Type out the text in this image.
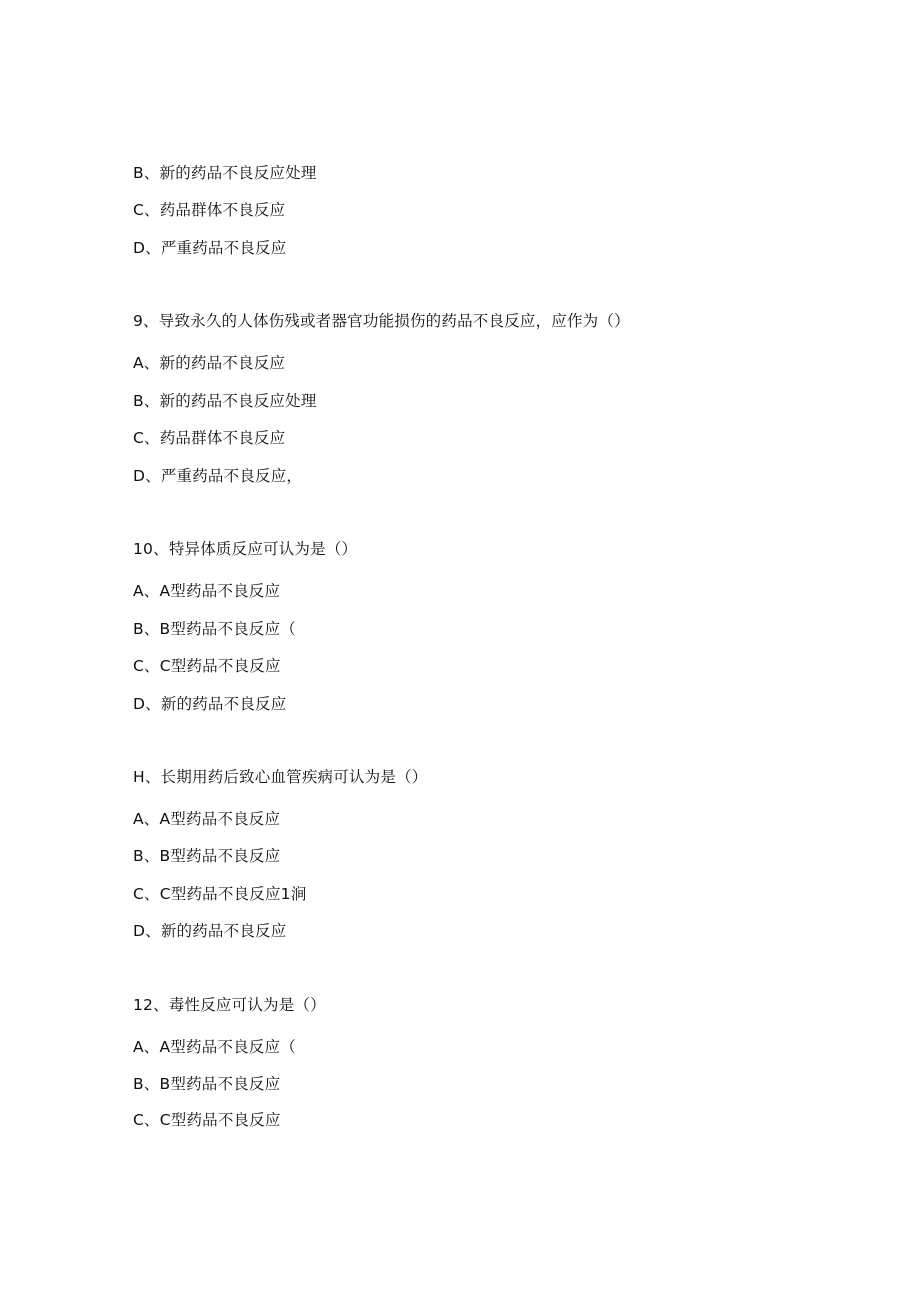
B、新的药品不良反应处理
C、药品群体不良反应
D、严重药品不良反应
9、导致永久的人体伤残或者器官功能损伤的药品不良反应，应作为（）
A、新的药品不良反应
B、新的药品不良反应处理
C、药品群体不良反应
D、严重药品不良反应，
10、特异体质反应可认为是（）
A、A型药品不良反应
B、B型药品不良反应（
C、C型药品不良反应
D、新的药品不良反应
H、长期用药后致心血管疾病可认为是（）
A、A型药品不良反应
B、B型药品不良反应
C、C型药品不良反应1涧
D、新的药品不良反应
12、毒性反应可认为是（）
A、A型药品不良反应（
B、B型药品不良反应
C、C型药品不良反应
